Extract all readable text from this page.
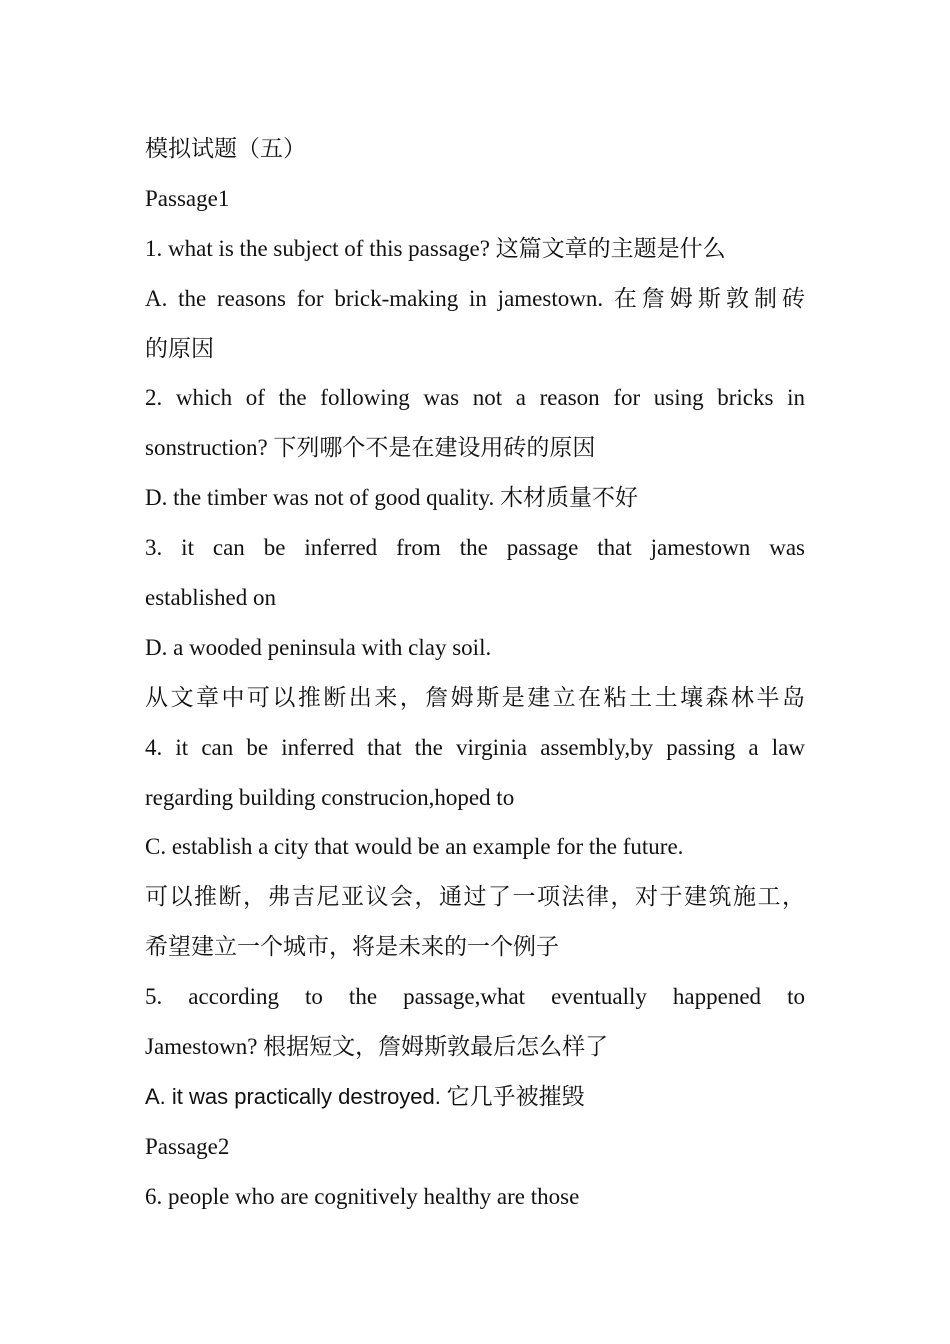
模拟试题（五）
Passage1
1. what is the subject of this passage? 这篇文章的主题是什么
A. the reasons for brick-making in jamestown. 在詹姆斯敦制砖
的原因
2. which of the following was not a reason for using bricks in
sonstruction? 下列哪个不是在建设用砖的原因
D. the timber was not of good quality. 木材质量不好
3. it can be inferred from the passage that jamestown was
established on
D. a wooded peninsula with clay soil.
从文章中可以推断出来，詹姆斯是建立在粘土土壤森林半岛
4. it can be inferred that the virginia assembly,by passing a law
regarding building construcion,hoped to
C. establish a city that would be an example for the future.
可以推断，弗吉尼亚议会，通过了一项法律，对于建筑施工，
希望建立一个城市，将是未来的一个例子
5. according to the passage,what eventually happened to
Jamestown? 根据短文，詹姆斯敦最后怎么样了
A. it was practically destroyed. 它几乎被摧毁
Passage2
6. people who are cognitively healthy are those
